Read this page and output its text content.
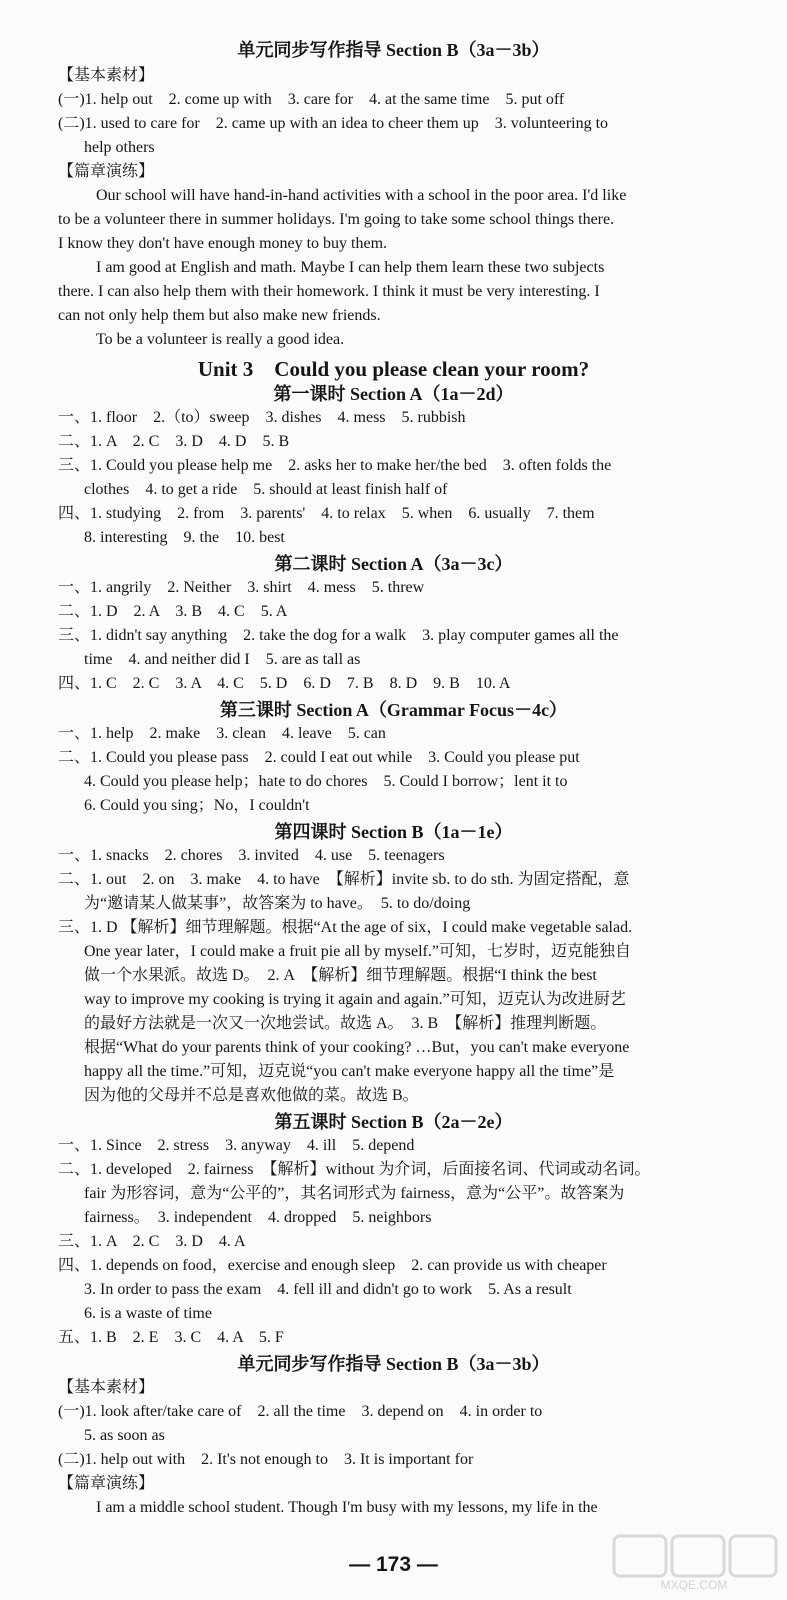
单元同步写作指导 Section B（3a－3b）
【基本素材】
(一)1. help out　2. come up with　3. care for　4. at the same time　5. put off
(二)1. used to care for　2. came up with an idea to cheer them up　3. volunteering to
help others
【篇章演练】
Our school will have hand-in-hand activities with a school in the poor area. I'd like
to be a volunteer there in summer holidays. I'm going to take some school things there.
I know they don't have enough money to buy them.
I am good at English and math. Maybe I can help them learn these two subjects
there. I can also help them with their homework. I think it must be very interesting. I
can not only help them but also make new friends.
To be a volunteer is really a good idea.
Unit 3　Could you please clean your room?
第一课时 Section A（1a－2d）
一、1. floor　2.（to）sweep　3. dishes　4. mess　5. rubbish
二、1. A　2. C　3. D　4. D　5. B
三、1. Could you please help me　2. asks her to make her/the bed　3. often folds the
clothes　4. to get a ride　5. should at least finish half of
四、1. studying　2. from　3. parents'　4. to relax　5. when　6. usually　7. them
8. interesting　9. the　10. best
第二课时 Section A（3a－3c）
一、1. angrily　2. Neither　3. shirt　4. mess　5. threw
二、1. D　2. A　3. B　4. C　5. A
三、1. didn't say anything　2. take the dog for a walk　3. play computer games all the
time　4. and neither did I　5. are as tall as
四、1. C　2. C　3. A　4. C　5. D　6. D　7. B　8. D　9. B　10. A
第三课时 Section A（Grammar Focus－4c）
一、1. help　2. make　3. clean　4. leave　5. can
二、1. Could you please pass　2. could I eat out while　3. Could you please put
4. Could you please help；hate to do chores　5. Could I borrow；lent it to
6. Could you sing；No，I couldn't
第四课时 Section B（1a－1e）
一、1. snacks　2. chores　3. invited　4. use　5. teenagers
二、1. out　2. on　3. make　4. to have　【解析】invite sb. to do sth. 为固定搭配，意
为“邀请某人做某事”，故答案为 to have。　5. to do/doing
三、1. D 【解析】细节理解题。根据“At the age of six，I could make vegetable salad.
One year later，I could make a fruit pie all by myself.”可知，七岁时，迈克能独自
做一个水果派。故选 D。　2. A　【解析】细节理解题。根据“I think the best
way to improve my cooking is trying it again and again.”可知，迈克认为改进厨艺
的最好方法就是一次又一次地尝试。故选 A。　3. B　【解析】推理判断题。
根据“What do your parents think of your cooking? …But，you can't make everyone
happy all the time.”可知，迈克说“you can't make everyone happy all the time”是
因为他的父母并不总是喜欢他做的菜。故选 B。
第五课时 Section B（2a－2e）
一、1. Since　2. stress　3. anyway　4. ill　5. depend
二、1. developed　2. fairness　【解析】without 为介词，后面接名词、代词或动名词。
fair 为形容词，意为“公平的”，其名词形式为 fairness，意为“公平”。故答案为
fairness。　3. independent　4. dropped　5. neighbors
三、1. A　2. C　3. D　4. A
四、1. depends on food，exercise and enough sleep　2. can provide us with cheaper
3. In order to pass the exam　4. fell ill and didn't go to work　5. As a result
6. is a waste of time
五、1. B　2. E　3. C　4. A　5. F
单元同步写作指导 Section B（3a－3b）
【基本素材】
(一)1. look after/take care of　2. all the time　3. depend on　4. in order to
5. as soon as
(二)1. help out with　2. It's not enough to　3. It is important for
【篇章演练】
I am a middle school student. Though I'm busy with my lessons, my life in the
— 173 —
MXQE.COM
